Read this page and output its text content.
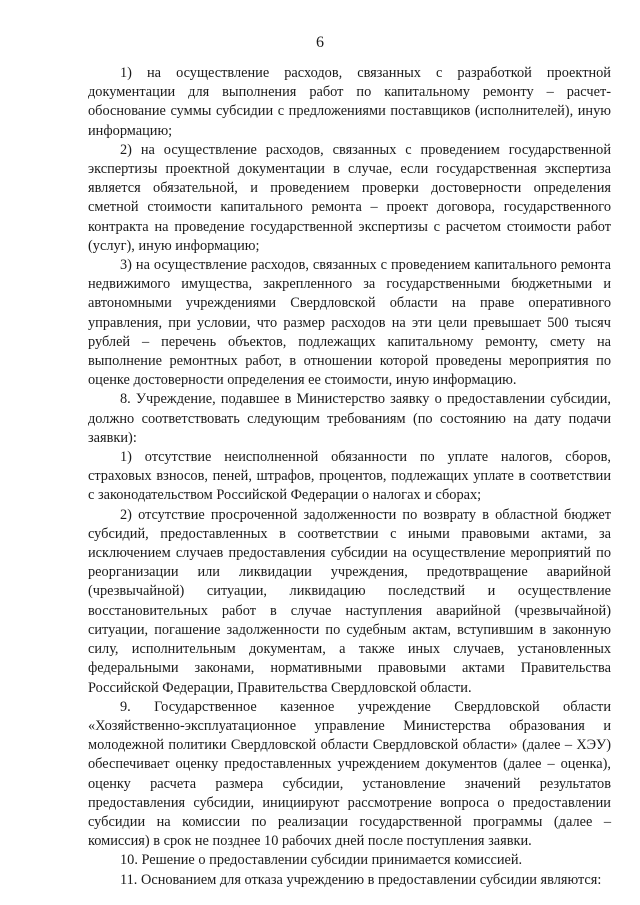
6

1) на осуществление расходов, связанных с разработкой проектной документации для выполнения работ по капитальному ремонту – расчет-обоснование суммы субсидии с предложениями поставщиков (исполнителей), иную информацию;

2) на осуществление расходов, связанных с проведением государственной экспертизы проектной документации в случае, если государственная экспертиза является обязательной, и проведением проверки достоверности определения сметной стоимости капитального ремонта – проект договора, государственного контракта на проведение государственной экспертизы с расчетом стоимости работ (услуг), иную информацию;

3) на осуществление расходов, связанных с проведением капитального ремонта недвижимого имущества, закрепленного за государственными бюджетными и автономными учреждениями Свердловской области на праве оперативного управления, при условии, что размер расходов на эти цели превышает 500 тысяч рублей – перечень объектов, подлежащих капитальному ремонту, смету на выполнение ремонтных работ, в отношении которой проведены мероприятия по оценке достоверности определения ее стоимости, иную информацию.

8. Учреждение, подавшее в Министерство заявку о предоставлении субсидии, должно соответствовать следующим требованиям (по состоянию на дату подачи заявки):

1) отсутствие неисполненной обязанности по уплате налогов, сборов, страховых взносов, пеней, штрафов, процентов, подлежащих уплате в соответствии с законодательством Российской Федерации о налогах и сборах;

2) отсутствие просроченной задолженности по возврату в областной бюджет субсидий, предоставленных в соответствии с иными правовыми актами, за исключением случаев предоставления субсидии на осуществление мероприятий по реорганизации или ликвидации учреждения, предотвращение аварийной (чрезвычайной) ситуации, ликвидацию последствий и осуществление восстановительных работ в случае наступления аварийной (чрезвычайной) ситуации, погашение задолженности по судебным актам, вступившим в законную силу, исполнительным документам, а также иных случаев, установленных федеральными законами, нормативными правовыми актами Правительства Российской Федерации, Правительства Свердловской области.

9. Государственное казенное учреждение Свердловской области «Хозяйственно-эксплуатационное управление Министерства образования и молодежной политики Свердловской области Свердловской области» (далее – ХЭУ) обеспечивает оценку предоставленных учреждением документов (далее – оценка), оценку расчета размера субсидии, установление значений результатов предоставления субсидии, инициируют рассмотрение вопроса о предоставлении субсидии на комиссии по реализации государственной программы (далее – комиссия) в срок не позднее 10 рабочих дней после поступления заявки.

10. Решение о предоставлении субсидии принимается комиссией.

11. Основанием для отказа учреждению в предоставлении субсидии являются:
